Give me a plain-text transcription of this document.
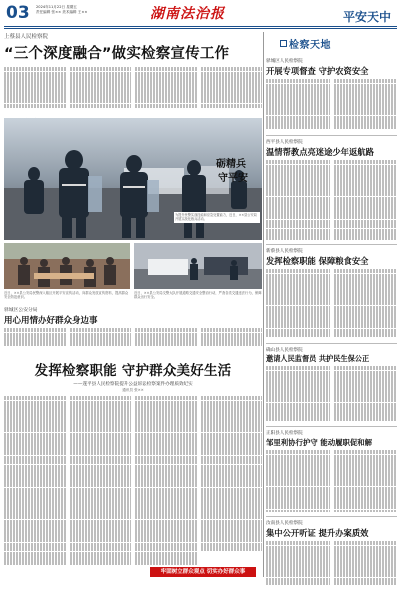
03 2024年11月22日 星期五
责任编辑 张×× 美术编辑 王××	湖南法治报	平安天中
上蔡县人民检察院
“三个深度融合”做实检察宣传工作
砺精兵
守平安
为提升民警实战技能和应急处置能力，近日，××县公安局开展实战化练兵活动。
近日，××县公安局民警深入辖区开展平安宣传活动，向群众发放宣传资料，提高群众安全防范意识。
近日，××县公安局交警大队开展道路交通安全整治行动，严查各类交通违法行为，保障群众出行安全。
驿城区公安分局
用心用情办好群众身边事
发挥检察职能 守护群众美好生活
——遂平县人民检察院提升公益诉讼检察案件办理质效纪实
通讯员 张××
牢固树立群众观点 切实办好群众事
检察天地
驿城区人民检察院
开展专项督查 守护农资安全
西平县人民检察院
温情帮教点亮迷途少年返航路
新蔡县人民检察院
发挥检察职能 保障粮食安全
确山县人民检察院
邀请人民监督员 共护民生保公正
正阳县人民检察院
邹里利协行护守 能动履职促和解
汝南县人民检察院
集中公开听证 提升办案质效
